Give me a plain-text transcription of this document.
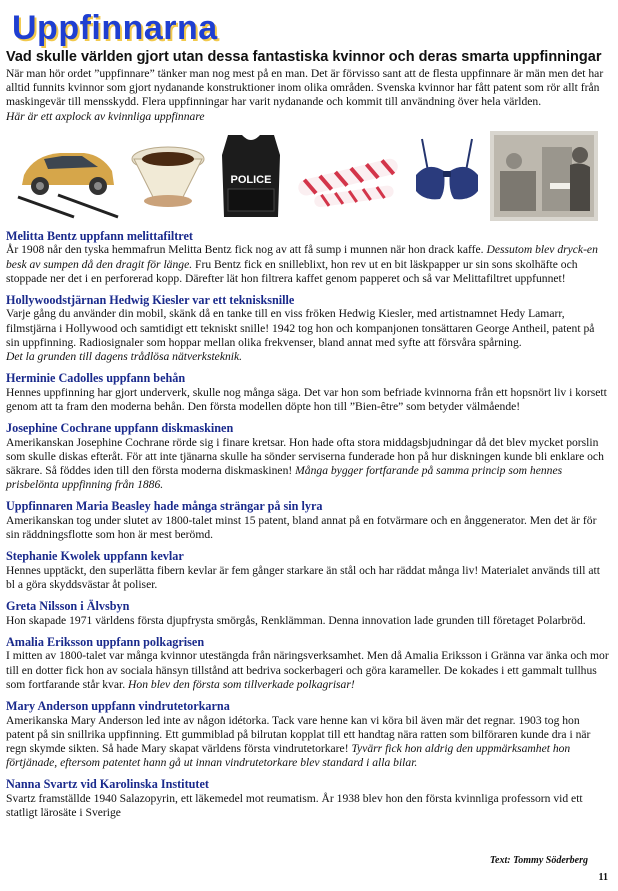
Uppfinnarna
Vad skulle världen gjort utan dessa fantastiska kvinnor och deras smarta uppfinningar

När man hör ordet ”uppfinnare” tänker man nog mest på en man. Det är förvisso sant att de flesta uppfinnare är män men det har alltid funnits kvinnor som gjort nydanande konstruktioner inom olika områden. Svenska kvinnor har fått patent som rör allt från maskingevär till mensskydd. Flera uppfinningar har varit nydanande och kommit till användning över hela världen.

Här är ett axplock av kvinnliga uppfinnare

POLICE
Melitta Bentz uppfann melittafiltret

År 1908 når den tyska hemmafrun Melitta Bentz fick nog av att få sump i munnen när hon drack kaffe. Dessutom blev dryck-en besk av sumpen då den dragit för länge. Fru Bentz fick en snilleblixt, hon rev ut en bit läskpapper ur sin sons skolhäfte och stoppade ner det i en perforerad kopp. Därefter lät hon filtrera kaffet genom papperet och så var Melittafiltret uppfunnet!

Hollywoodstjärnan Hedwig Kiesler var ett teknisksnille

Varje gång du använder din mobil, skänk då en tanke till en viss fröken Hedwig Kiesler, med artistnamnet Hedy Lamarr, filmstjärna i Hollywood och samtidigt ett tekniskt snille! 1942 tog hon och kompanjonen tonsättaren George Antheil, patent på sin uppfinning. Radiosignaler som hoppar mellan olika frekvenser, bland annat med syfte att försvåra spårning.
Det la grunden till dagens trådlösa nätverksteknik.

Herminie Cadolles uppfann behån

Hennes uppfinning har gjort underverk, skulle nog många säga. Det var hon som befriade kvinnorna från ett hopsnört liv i korsett genom att ta fram den moderna behån. Den första modellen döpte hon till ”Bien-être” som betyder välmående!

Josephine Cochrane uppfann diskmaskinen

Amerikanskan Josephine Cochrane rörde sig i finare kretsar. Hon hade ofta stora middagsbjudningar då det blev mycket porslin som skulle diskas efteråt. För att inte tjänarna skulle ha sönder serviserna funderade hon på hur diskningen kunde bli enklare och säkrare. Så föddes iden till den första moderna diskmaskinen! Många bygger fortfarande på samma princip som hennes prisbelönta uppfinning från 1886.

Uppfinnaren Maria Beasley hade många strängar på sin lyra

Amerikanskan tog under slutet av 1800-talet minst 15 patent, bland annat på en fotvärmare och en ånggenerator. Men det är för sin räddningsflotte som hon är mest berömd.

Stephanie Kwolek uppfann kevlar

Hennes upptäckt, den superlätta fibern kevlar är fem gånger starkare än stål och har räddat många liv! Materialet används till att bl a göra skyddsvästar åt poliser.

Greta Nilsson i Älvsbyn

Hon skapade 1971 världens första djupfrysta smörgås, Renklämman. Denna innovation lade grunden till företaget Polarbröd.

Amalia Eriksson uppfann polkagrisen

I mitten av 1800-talet var många kvinnor utestängda från näringsverksamhet. Men då Amalia Eriksson i Gränna var änka och mor till en dotter fick hon av sociala hänsyn tillstånd att bedriva sockerbageri och göra karameller. De kokades i ett gammalt tullhus som fortfarande står kvar. Hon blev den första som tillverkade polkagrisar!

Mary Anderson uppfann vindrutetorkarna

Amerikanska Mary Anderson led inte av någon idétorka. Tack vare henne kan vi köra bil även mär det regnar. 1903 tog hon patent på sin snillrika uppfinning. Ett gummiblad på bilrutan kopplat till ett handtag nära ratten som bilföraren kunde dra i när regn skymde sikten. Så hade Mary skapat världens första vindrutetorkare! Tyvärr fick hon aldrig den uppmärksamhet hon förtjänade, eftersom patentet hann gå ut innan vindrutetorkare blev standard i alla bilar.

Nanna Svartz vid Karolinska Institutet

Svartz framställde 1940 Salazopyrin, ett läkemedel mot reumatism. År 1938 blev hon den första kvinnliga professorn vid ett statligt lärosäte i Sverige

Text: Tommy Söderberg
11
